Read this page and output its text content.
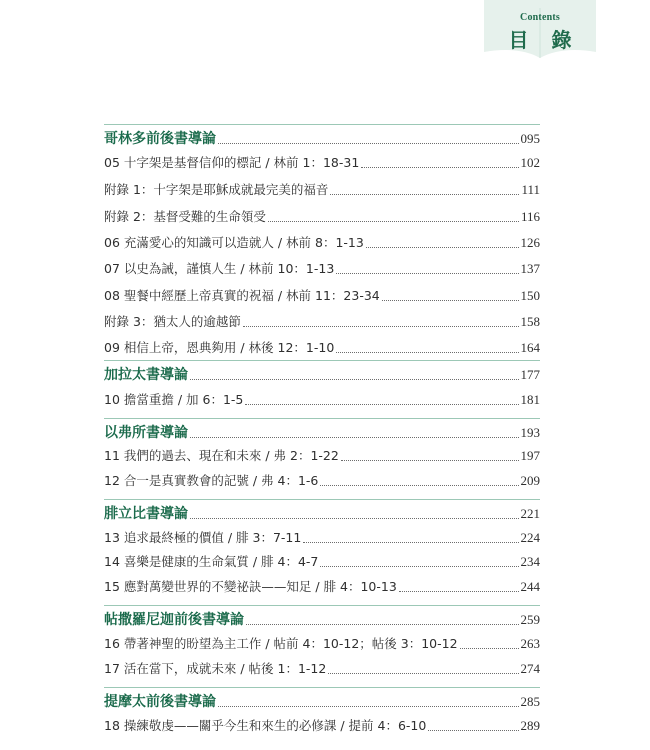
Contents
目 錄
哥林多前後書導論	095
05 十字架是基督信仰的標記 / 林前 1：18-31	102
附錄 1：十字架是耶穌成就最完美的福音	111
附錄 2：基督受難的生命領受	116
06 充滿愛心的知識可以造就人 / 林前 8：1-13	126
07 以史為誡，謹慎人生 / 林前 10：1-13	137
08 聖餐中經歷上帝真實的祝福 / 林前 11：23-34	150
附錄 3：猶太人的逾越節	158
09 相信上帝，恩典夠用 / 林後 12：1-10	164
加拉太書導論	177
10 擔當重擔 / 加 6：1-5	181
以弗所書導論	193
11 我們的過去、現在和未來 / 弗 2：1-22	197
12 合一是真實教會的記號 / 弗 4：1-6	209
腓立比書導論	221
13 追求最終極的價值 / 腓 3：7-11	224
14 喜樂是健康的生命氣質 / 腓 4：4-7	234
15 應對萬變世界的不變祕訣——知足 / 腓 4：10-13	244
帖撒羅尼迦前後書導論	259
16 帶著神聖的盼望為主工作 / 帖前 4：10-12；帖後 3：10-12	263
17 活在當下，成就未來 / 帖後 1：1-12	274
提摩太前後書導論	285
18 操練敬虔——關乎今生和來生的必修課 / 提前 4：6-10	289
